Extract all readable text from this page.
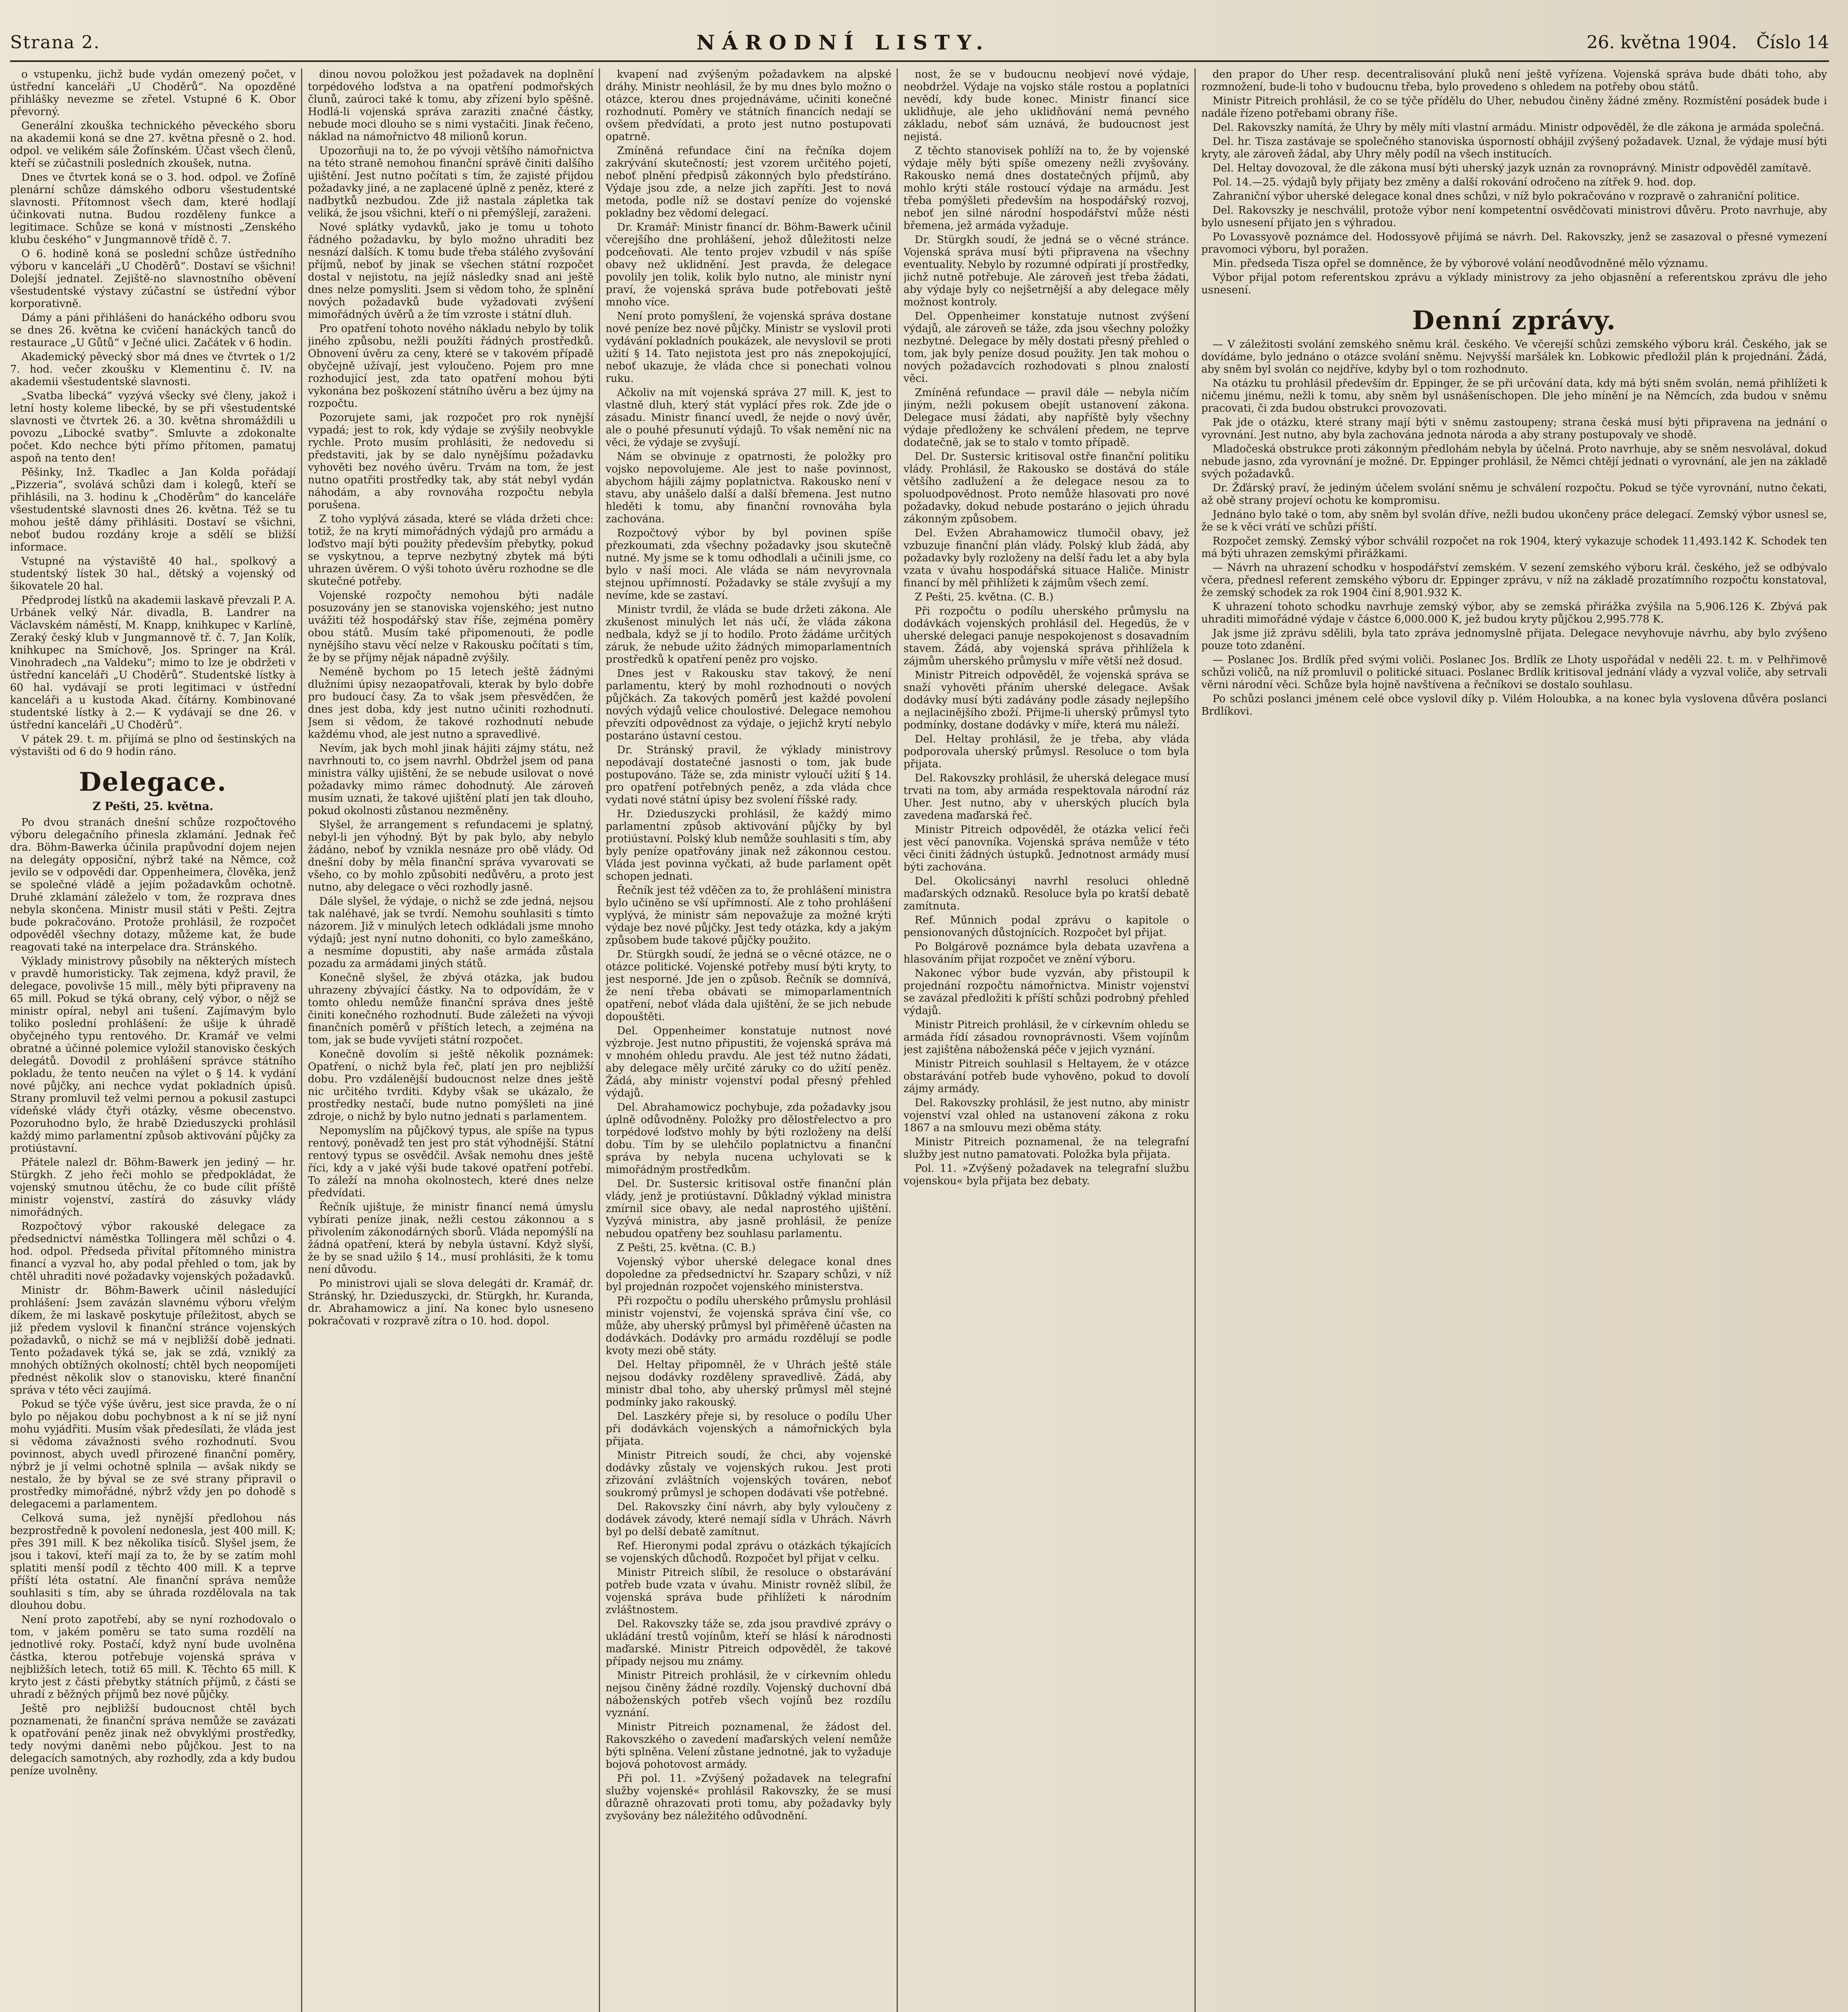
Strana 2.	NÁRODNÍ LISTY.	26. května 1904. Číslo 14

o vstupenku, jichž bude vydán omezený počet, v ústřední kanceláři „U Choděrů“. Na opozděné přihlášky nevezme se zřetel. Vstupné 6 K. Obor převorný.

Generální zkouška technického pěveckého sboru na akademii koná se dne 27. května přesně o 2. hod. odpol. ve velikém sále Žofínském. Účast všech členů, kteří se zúčastnili posledních zkoušek, nutna.

Dnes ve čtvrtek koná se o 3. hod. odpol. ve Žofíně plenární schůze dámského odboru všestudentské slavnosti. Přítomnost všech dam, které hodlají účinkovati nutna. Budou rozděleny funkce a legitimace. Schůze se koná v místnosti „Zenského klubu českého“ v Jungmannově třídě č. 7.

O 6. hodině koná se poslední schůze ústředního výboru v kanceláři „U Choděrů“. Dostaví se všichni! Dolejší jednatel. Zejiště-no slavnostního oběvení všestudentské výstavy zúčastní se ústřední výbor korporativně.

Dámy a páni přihlášeni do hanáckého odboru svou se dnes 26. května ke cvičení hanáckých tanců do restaurace „U Gůtů“ v Ječné ulici. Začátek v 6 hodin.

Akademický pěvecký sbor má dnes ve čtvrtek o 1/2 7. hod. večer zkoušku v Klementinu č. IV. na akademii všestudentské slavnosti.

„Svatba libecká“ vyzývá všecky své členy, jakož i letní hosty koleme libecké, by se při všestudentské slavnosti ve čtvrtek 26. a 30. května shromáždili u povozu „Libocké svatby“. Smluvte a zdokonalte počet. Kdo nechce býti přímo přítomen, pamatuj aspoň na tento den!

Pěšinky, Inž. Tkadlec a Jan Kolda pořádají „Pizzeria“, svolává schůzi dam i kolegů, kteří se přihlásili, na 3. hodinu k „Choděrům“ do kanceláře všestudentské slavnosti dnes 26. května. Též se tu mohou ještě dámy přihlásiti. Dostaví se všichni, neboť budou rozdány kroje a sdělí se bližší informace.

Vstupné na výstaviště 40 hal., spolkový a studentský lístek 30 hal., dětský a vojenský od šikovatele 20 hal.

Předprodej lístků na akademii laskavě převzali P. A. Urbánek velký Nár. divadla, B. Landrer na Václavském náměstí, M. Knapp, knihkupec v Karlíně, Zeraký český klub v Jungmannově tř. č. 7, Jan Kolík, knihkupec na Smíchově, Jos. Springer na Král. Vinohradech „na Valdeku“; mimo to lze je obdržeti v ústřední kanceláři „U Choděrů“. Studentské lístky à 60 hal. vydávají se proti legitimaci v ústřední kanceláři a u kustoda Akad. čítárny. Kombinované studentské lístky à 2.— K vydávají se dne 26. v ústřední kanceláři „U Choděrů“.

V pátek 29. t. m. přijímá se plno od šestinských na výstavišti od 6 do 9 hodin ráno.

Delegace.
Z Pešti, 25. května.

Po dvou stranách dnešní schůze rozpočtového výboru delegačního přinesla zklamání. Jednak řeč dra. Böhm-Bawerka účinila prapůvodní dojem nejen na delegáty opposiční, nýbrž také na Němce, což jevilo se v odpovědi dar. Oppenheimera, člověka, jenž se společné vládě a jejím požadavkům ochotně. Druhé zklamání záleželo v tom, že rozprava dnes nebyla skončena. Ministr musil státi v Pešti. Zejtra bude pokračováno. Protože prohlásil, že rozpočet odpověděl všechny dotazy, můžeme kat, že bude reagovati také na interpelace dra. Stránského.

Výklady ministrovy působily na některých místech v pravdě humoristicky. Tak zejmena, když pravil, že delegace, povolivše 15 mill., měly býti připraveny na 65 mill. Pokud se týká obrany, celý výbor, o nějž se ministr opíral, nebyl ani tušení. Zajímavým bylo toliko poslední prohlášení: že ušije k úhradě obyčejného typu rentového. Dr. Kramář ve velmi obratné a účinné polemice vyložil stanovisko českých delegátů. Dovodil z prohlášení správce státního pokladu, že tento neučen na výlet o § 14. k vydání nové půjčky, ani nechce vydat pokladních úpisů. Strany promluvil tež velmi pernou a pokusil zastupci vídeňské vlády čtyři otázky, věsme obecenstvo. Pozoruhodno bylo, že hrabě Dzieduszycki prohlásil každý mimo parlamentní způsob aktivování půjčky za protiústavní.

Přátele nalezl dr. Böhm-Bawerk jen jediný — hr. Stürgkh. Z jeho řeči mohlo se předpokládat, že vojenský smutnou útěchu, že co bude cílit příště ministr vojenství, zastírá do zásuvky vlády nimořádných.

Rozpočtový výbor rakouské delegace za předsednictví náměstka Tollingera měl schůzi o 4. hod. odpol. Předseda přivítal přítomného ministra financí a vyzval ho, aby podal přehled o tom, jak by chtěl uhraditi nové požadavky vojenských požadavků.

Ministr dr. Böhm-Bawerk učinil následující prohlášení: Jsem zavázán slavnému výboru vřelým díkem, že mi laskavě poskytuje příležitost, abych se již předem vyslovil k finanční stránce vojenských požadavků, o nichž se má v nejbližší době jednati. Tento požadavek týká se, jak se zdá, vzniklý za mnohých obtížných okolností; chtěl bych neopomíjeti přednést několik slov o stanovisku, které finanční správa v této věci zaujímá.

Pokud se týče výše úvěru, jest sice pravda, že o ní bylo po nějakou dobu pochybnost a k ní se již nyní mohu vyjádřiti. Musím však předesílati, že vláda jest si vědoma závažnosti svého rozhodnutí. Svou povinnost, abych uvedl přirozené finanční poměry, nýbrž je jí velmi ochotně splnila — avšak nikdy se nestalo, že by býval se ze své strany připravil o prostředky mimořádné, nýbrž vždy jen po dohodě s delegacemi a parlamentem.

Celková suma, jež nynější předlohou nás bezprostředně k povolení nedonesla, jest 400 mill. K; přes 391 mill. K bez několika tisíců. Slyšel jsem, že jsou i takoví, kteří mají za to, že by se zatím mohl splatiti menší podíl z těchto 400 mill. K a teprve příští léta ostatní. Ale finanční správa nemůže souhlasiti s tím, aby se úhrada rozdělovala na tak dlouhou dobu.

Není proto zapotřebí, aby se nyní rozhodovalo o tom, v jakém poměru se tato suma rozdělí na jednotlivé roky. Postačí, když nyní bude uvolněna částka, kterou potřebuje vojenská správa v nejbližších letech, totiž 65 mill. K. Těchto 65 mill. K kryto jest z části přebytky státních příjmů, z části se uhradí z běžných příjmů bez nové půjčky.

Ještě pro nejbližší budoucnost chtěl bych poznamenati, že finanční správa nemůže se zavázati k opatřování peněz jinak než obvyklými prostředky, tedy novými daněmi nebo půjčkou. Jest to na delegacích samotných, aby rozhodly, zda a kdy budou peníze uvolněny.

dinou novou položkou jest požadavek na doplnění torpédového loďstva a na opatření podmořských člunů, zaúroci také k tomu, aby zřízení bylo spěšně. Hodlá-li vojenská správa zaraziti značné částky, nebude moci dlouho se s nimi vystačiti. Jinak řečeno, náklad na námořnictvo 48 milionů korun.

Upozorňuji na to, že po vývoji většího námořnictva na této straně nemohou finanční správě činiti dalšího ujištění. Jest nutno počítati s tím, že zajisté přijdou požadavky jiné, a ne zaplacené úplně z peněz, které z nadbytků nezbudou. Zde již nastala zápletka tak veliká, že jsou všichni, kteří o ni přemýšlejí, zaraženi.

Nové splátky vydavků, jako je tomu u tohoto řádného požadavku, by bylo možno uhraditi bez nesnází dalších. K tomu bude třeba stálého zvyšování příjmů, neboť by jinak se všechen státní rozpočet dostal v nejistotu, na jejíž následky snad ani ještě dnes nelze pomysliti. Jsem si vědom toho, že splnění nových požadavků bude vyžadovati zvýšení mimořádných úvěrů a že tím vzroste i státní dluh.

Pro opatření tohoto nového nákladu nebylo by tolik jiného způsobu, nežli použíti řádných prostředků. Obnovení úvěru za ceny, které se v takovém případě obyčejně užívají, jest vyloučeno. Pojem pro mne rozhodující jest, zda tato opatření mohou býti vykonána bez poškození státního úvěru a bez újmy na rozpočtu.

Pozorujete sami, jak rozpočet pro rok nynější vypadá; jest to rok, kdy výdaje se zvýšily neobvykle rychle. Proto musím prohlásiti, že nedovedu si představiti, jak by se dalo nynějšímu požadavku vyhověti bez nového úvěru. Trvám na tom, že jest nutno opatřiti prostředky tak, aby stát nebyl vydán náhodám, a aby rovnováha rozpočtu nebyla porušena.

Z toho vyplývá zásada, které se vláda držeti chce: totiž, že na krytí mimořádných výdajů pro armádu a loďstvo mají býti použity především přebytky, pokud se vyskytnou, a teprve nezbytný zbytek má býti uhrazen úvěrem. O výši tohoto úvěru rozhodne se dle skutečné potřeby.

Vojenské rozpočty nemohou býti nadále posuzovány jen se stanoviska vojenského; jest nutno uvážiti též hospodářský stav říše, zejména poměry obou států. Musím také připomenouti, že podle nynějšího stavu věcí nelze v Rakousku počítati s tím, že by se příjmy nějak nápadně zvýšily.

Neméně bychom po 15 letech ještě žádnými dlužními úpisy nezaopatřovali, kterak by bylo dobře pro budoucí časy. Za to však jsem přesvědčen, že dnes jest doba, kdy jest nutno učiniti rozhodnutí. Jsem si vědom, že takové rozhodnutí nebude každému vhod, ale jest nutno a spravedlivé.

Nevím, jak bych mohl jinak hájiti zájmy státu, než navrhnouti to, co jsem navrhl. Obdržel jsem od pana ministra války ujištění, že se nebude usilovat o nové požadavky mimo rámec dohodnutý. Ale zároveň musím uznati, že takové ujištění platí jen tak dlouho, pokud okolnosti zůstanou nezměněny.

Slyšel, že arrangement s refundacemi je splatný, nebyl-li jen výhodný. Být by pak bylo, aby nebylo žádáno, neboť by vznikla nesnáze pro obě vlády. Od dnešní doby by měla finanční správa vyvarovati se všeho, co by mohlo způsobiti nedůvěru, a proto jest nutno, aby delegace o věci rozhodly jasně.

Dále slyšel, že výdaje, o nichž se zde jedná, nejsou tak naléhavé, jak se tvrdí. Nemohu souhlasiti s tímto názorem. Již v minulých letech odkládali jsme mnoho výdajů; jest nyní nutno dohoniti, co bylo zameškáno, a nesmíme dopustiti, aby naše armáda zůstala pozadu za armádami jiných států.

Konečně slyšel, že zbývá otázka, jak budou uhrazeny zbývající částky. Na to odpovídám, že v tomto ohledu nemůže finanční správa dnes ještě činiti konečného rozhodnutí. Bude záležeti na vývoji finančních poměrů v příštích letech, a zejména na tom, jak se bude vyvíjeti státní rozpočet.

Konečně dovolím si ještě několik poznámek: Opatření, o nichž byla řeč, platí jen pro nejbližší dobu. Pro vzdálenější budoucnost nelze dnes ještě nic určitého tvrditi. Kdyby však se ukázalo, že prostředky nestačí, bude nutno pomýšleti na jiné zdroje, o nichž by bylo nutno jednati s parlamentem.

Nepomyslím na půjčkový typus, ale spíše na typus rentový, poněvadž ten jest pro stát výhodnější. Státní rentový typus se osvědčil. Avšak nemohu dnes ještě říci, kdy a v jaké výši bude takové opatření potřebí. To záleží na mnoha okolnostech, které dnes nelze předvídati.

Řečník ujištuje, že ministr financí nemá úmyslu vybírati peníze jinak, nežli cestou zákonnou a s přivolením zákonodárných sborů. Vláda nepomýšlí na žádná opatření, která by nebyla ústavní. Když slyší, že by se snad užilo § 14., musí prohlásiti, že k tomu není důvodu.

Po ministrovi ujali se slova delegáti dr. Kramář, dr. Stránský, hr. Dzieduszycki, dr. Stürgkh, hr. Kuranda, dr. Abrahamowicz a jiní. Na konec bylo usneseno pokračovati v rozpravě zítra o 10. hod. dopol.

kvapení nad zvýšeným požadavkem na alpské dráhy. Ministr neohlásil, že by mu dnes bylo možno o otázce, kterou dnes projednáváme, učiniti konečné rozhodnutí. Poměry ve státních financích nedají se ovšem předvídati, a proto jest nutno postupovati opatrně.

Zmíněná refundace činí na řečníka dojem zakrývání skutečností; jest vzorem určitého pojetí, neboť plnění předpisů zákonných bylo předstíráno. Výdaje jsou zde, a nelze jich zapříti. Jest to nová metoda, podle níž se dostaví peníze do vojenské pokladny bez vědomí delegací.

Dr. Kramář: Ministr financí dr. Böhm-Bawerk učinil včerejšího dne prohlášení, jehož důležitosti nelze podceňovati. Ale tento projev vzbudil v nás spíše obavy než uklidnění. Jest pravda, že delegace povolily jen tolik, kolik bylo nutno, ale ministr nyní praví, že vojenská správa bude potřebovati ještě mnoho více.

Není proto pomyšlení, že vojenská správa dostane nové peníze bez nové půjčky. Ministr se vyslovil proti vydávání pokladních poukázek, ale nevyslovil se proti užití § 14. Tato nejistota jest pro nás znepokojující, neboť ukazuje, že vláda chce si ponechati volnou ruku.

Ačkoliv na mít vojenská správa 27 mill. K, jest to vlastně dluh, který stát vyplácí přes rok. Zde jde o zásadu. Ministr financí uvedl, že nejde o nový úvěr, ale o pouhé přesunutí výdajů. To však nemění nic na věci, že výdaje se zvyšují.

Nám se obvinuje z opatrnosti, že položky pro vojsko nepovolujeme. Ale jest to naše povinnost, abychom hájili zájmy poplatnictva. Rakousko není v stavu, aby unášelo další a další břemena. Jest nutno hleděti k tomu, aby finanční rovnováha byla zachována.

Rozpočtový výbor by byl povinen spíše přezkoumati, zda všechny požadavky jsou skutečně nutné. My jsme se k tomu odhodlali a učinili jsme, co bylo v naší moci. Ale vláda se nám nevyrovnala stejnou upřímností. Požadavky se stále zvyšují a my nevíme, kde se zastaví.

Ministr tvrdil, že vláda se bude držeti zákona. Ale zkušenost minulých let nás učí, že vláda zákona nedbala, když se jí to hodilo. Proto žádáme určitých záruk, že nebude užito žádných mimoparlamentních prostředků k opatření peněz pro vojsko.

Dnes jest v Rakousku stav takový, že není parlamentu, který by mohl rozhodnouti o nových půjčkách. Za takových poměrů jest každé povolení nových výdajů velice choulostivé. Delegace nemohou převzíti odpovědnost za výdaje, o jejichž krytí nebylo postaráno ústavní cestou.

Dr. Stránský pravil, že výklady ministrovy nepodávají dostatečné jasnosti o tom, jak bude postupováno. Táže se, zda ministr vyloučí užití § 14. pro opatření potřebných peněz, a zda vláda chce vydati nové státní úpisy bez svolení říšské rady.

Hr. Dzieduszycki prohlásil, že každý mimo parlamentní způsob aktivování půjčky by byl protiústavní. Polský klub nemůže souhlasiti s tím, aby byly peníze opatřovány jinak než zákonnou cestou. Vláda jest povinna vyčkati, až bude parlament opět schopen jednati.

Řečník jest též vděčen za to, že prohlášení ministra bylo učiněno se vší upřímností. Ale z toho prohlášení vyplývá, že ministr sám nepovažuje za možné krýti výdaje bez nové půjčky. Jest tedy otázka, kdy a jakým způsobem bude takové půjčky použito.

Dr. Stürgkh soudí, že jedná se o věcné otázce, ne o otázce politické. Vojenské potřeby musí býti kryty, to jest nesporné. Jde jen o způsob. Řečník se domnívá, že není třeba obávati se mimoparlamentních opatření, neboť vláda dala ujištění, že se jich nebude dopouštěti.

Del. Oppenheimer konstatuje nutnost nové výzbroje. Jest nutno připustiti, že vojenská správa má v mnohém ohledu pravdu. Ale jest též nutno žádati, aby delegace měly určité záruky co do užití peněz. Žádá, aby ministr vojenství podal přesný přehled výdajů.

Del. Abrahamowicz pochybuje, zda požadavky jsou úplně odůvodněny. Položky pro dělostřelectvo a pro torpédové loďstvo mohly by býti rozloženy na delší dobu. Tím by se ulehčilo poplatnictvu a finanční správa by nebyla nucena uchylovati se k mimořádným prostředkům.

Del. Dr. Sustersic kritisoval ostře finanční plán vlády, jenž je protiústavní. Důkladný výklad ministra zmírnil sice obavy, ale nedal naprostého ujištění. Vyzývá ministra, aby jasně prohlásil, že peníze nebudou opatřeny bez souhlasu parlamentu.

Z Pešti, 25. května. (C. B.)

Vojenský výbor uherské delegace konal dnes dopoledne za předsednictví hr. Szapary schůzi, v níž byl projednán rozpočet vojenského ministerstva.

Při rozpočtu o podílu uherského průmyslu prohlásil ministr vojenství, že vojenská správa činí vše, co může, aby uherský průmysl byl přiměřeně účasten na dodávkách. Dodávky pro armádu rozdělují se podle kvoty mezi obě státy.

Del. Heltay připomněl, že v Uhrách ještě stále nejsou dodávky rozděleny spravedlivě. Žádá, aby ministr dbal toho, aby uherský průmysl měl stejné podmínky jako rakouský.

Del. Laszkéry přeje si, by resoluce o podílu Uher při dodávkách vojenských a námořnických byla přijata.

Ministr Pitreich soudí, že chci, aby vojenské dodávky zůstaly ve vojenských rukou. Jest proti zřizování zvláštních vojenských továren, neboť soukromý průmysl je schopen dodávati vše potřebné.

Del. Rakovszky činí návrh, aby byly vyloučeny z dodávek závody, které nemají sídla v Uhrách. Návrh byl po delší debatě zamítnut.

Ref. Hieronymi podal zprávu o otázkách týkajících se vojenských důchodů. Rozpočet byl přijat v celku.

Ministr Pitreich slíbil, že resoluce o obstarávání potřeb bude vzata v úvahu. Ministr rovněž slíbil, že vojenská správa bude přihlížeti k národním zvláštnostem.

Del. Rakovszky táže se, zda jsou pravdivé zprávy o ukládání trestů vojínům, kteří se hlásí k národnosti maďarské. Ministr Pitreich odpověděl, že takové případy nejsou mu známy.

Ministr Pitreich prohlásil, že v církevním ohledu nejsou činěny žádné rozdíly. Vojenský duchovní dbá náboženských potřeb všech vojínů bez rozdílu vyznání.

Ministr Pitreich poznamenal, že žádost del. Rakovszkého o zavedení maďarských velení nemůže býti splněna. Velení zůstane jednotné, jak to vyžaduje bojová pohotovost armády.

Při pol. 11. »Zvýšený požadavek na telegrafní služby vojenské« prohlásil Rakovszky, že se musí důrazně ohrazovati proti tomu, aby požadavky byly zvyšovány bez náležitého odůvodnění.

nost, že se v budoucnu neobjeví nové výdaje, neobdržel. Výdaje na vojsko stále rostou a poplatníci nevědí, kdy bude konec. Ministr financí sice uklidňuje, ale jeho uklidňování nemá pevného základu, neboť sám uznává, že budoucnost jest nejistá.

Z těchto stanovisek pohlíží na to, že by vojenské výdaje měly býti spíše omezeny nežli zvyšovány. Rakousko nemá dnes dostatečných příjmů, aby mohlo krýti stále rostoucí výdaje na armádu. Jest třeba pomýšleti především na hospodářský rozvoj, neboť jen silné národní hospodářství může nésti břemena, jež armáda vyžaduje.

Dr. Stürgkh soudí, že jedná se o věcné stránce. Vojenská správa musí býti připravena na všechny eventuality. Nebylo by rozumné odpírati jí prostředky, jichž nutně potřebuje. Ale zároveň jest třeba žádati, aby výdaje byly co nejšetrnější a aby delegace měly možnost kontroly.

Del. Oppenheimer konstatuje nutnost zvýšení výdajů, ale zároveň se táže, zda jsou všechny položky nezbytné. Delegace by měly dostati přesný přehled o tom, jak byly peníze dosud použity. Jen tak mohou o nových požadavcích rozhodovati s plnou znalostí věci.

Zmíněná refundace — pravil dále — nebyla ničím jiným, nežli pokusem obejít ustanovení zákona. Delegace musí žádati, aby napříště byly všechny výdaje předloženy ke schválení předem, ne teprve dodatečně, jak se to stalo v tomto případě.

Del. Dr. Sustersic kritisoval ostře finanční politiku vlády. Prohlásil, že Rakousko se dostává do stále většího zadlužení a že delegace nesou za to spoluodpovědnost. Proto nemůže hlasovati pro nové požadavky, dokud nebude postaráno o jejich úhradu zákonným způsobem.

Del. Evžen Abrahamowicz tlumočil obavy, jež vzbuzuje finanční plán vlády. Polský klub žádá, aby požadavky byly rozloženy na delší řadu let a aby byla vzata v úvahu hospodářská situace Haliče. Ministr financí by měl přihlížeti k zájmům všech zemí.

Z Pešti, 25. května. (C. B.)

Při rozpočtu o podílu uherského průmyslu na dodávkách vojenských prohlásil del. Hegedüs, že v uherské delegaci panuje nespokojenost s dosavadním stavem. Žádá, aby vojenská správa přihlížela k zájmům uherského průmyslu v míře větší než dosud.

Ministr Pitreich odpověděl, že vojenská správa se snaží vyhověti přáním uherské delegace. Avšak dodávky musí býti zadávány podle zásady nejlepšího a nejlacinějšího zboží. Přijme-li uherský průmysl tyto podmínky, dostane dodávky v míře, která mu náleží.

Del. Heltay prohlásil, že je třeba, aby vláda podporovala uherský průmysl. Resoluce o tom byla přijata.

Del. Rakovszky prohlásil, že uherská delegace musí trvati na tom, aby armáda respektovala národní ráz Uher. Jest nutno, aby v uherských plucích byla zavedena maďarská řeč.

Ministr Pitreich odpověděl, že otázka velicí řeči jest věcí panovníka. Vojenská správa nemůže v této věci činiti žádných ústupků. Jednotnost armády musí býti zachována.

Del. Okolicsányi navrhl resoluci ohledně maďarských odznaků. Resoluce byla po kratší debatě zamítnuta.

Ref. Műnnich podal zprávu o kapitole o pensionovaných důstojnících. Rozpočet byl přijat.

Po Bolgárově poznámce byla debata uzavřena a hlasováním přijat rozpočet ve znění výboru.

Nakonec výbor bude vyzván, aby přistoupil k projednání rozpočtu námořnictva. Ministr vojenství se zavázal předložiti k příští schůzi podrobný přehled výdajů.

Ministr Pitreich prohlásil, že v církevním ohledu se armáda řídí zásadou rovnoprávnosti. Všem vojínům jest zajištěna náboženská péče v jejich vyznání.

Ministr Pitreich souhlasil s Heltayem, že v otázce obstarávání potřeb bude vyhověno, pokud to dovolí zájmy armády.

Del. Rakovszky prohlásil, že jest nutno, aby ministr vojenství vzal ohled na ustanovení zákona z roku 1867 a na smlouvu mezi oběma státy.

Ministr Pitreich poznamenal, že na telegrafní služby jest nutno pamatovati. Položka byla přijata.

Pol. 11. »Zvýšený požadavek na telegrafní službu vojenskou« byla přijata bez debaty.

den prapor do Uher resp. decentralisování pluků není ještě vyřízena. Vojenská správa bude dbáti toho, aby rozmnožení, bude-li toho v budoucnu třeba, bylo provedeno s ohledem na potřeby obou států.

Ministr Pitreich prohlásil, že co se týče přídělu do Uher, nebudou činěny žádné změny. Rozmístění posádek bude i nadále řízeno potřebami obrany říše.

Del. Rakovszky namítá, že Uhry by měly míti vlastní armádu. Ministr odpověděl, že dle zákona je armáda společná.

Del. hr. Tisza zastávaje se společného stanoviska úsporností obhájil zvýšený požadavek. Uznal, že výdaje musí býti kryty, ale zároveň žádal, aby Uhry měly podíl na všech institucích.

Del. Heltay dovozoval, že dle zákona musí býti uherský jazyk uznán za rovnoprávný. Ministr odpověděl zamítavě.

Pol. 14.—25. výdajů byly přijaty bez změny a další rokování odročeno na zítřek 9. hod. dop.

Zahraniční výbor uherské delegace konal dnes schůzi, v níž bylo pokračováno v rozpravě o zahraniční politice.

Del. Rakovszky je neschválil, protože výbor není kompetentní osvědčovati ministrovi důvěru. Proto navrhuje, aby bylo usnesení přijato jen s výhradou.

Po Lovassyově poznámce del. Hodossyově přijímá se návrh. Del. Rakovszky, jenž se zasazoval o přesné vymezení pravomoci výboru, byl poražen.

Min. předseda Tisza opřel se domněnce, že by výborové volání neodůvodněné mělo významu.

Výbor přijal potom referentskou zprávu a výklady ministrovy za jeho objasnění a referentskou zprávu dle jeho usnesení.

Denní zprávy.

— V záležitosti svolání zemského sněmu král. českého. Ve včerejší schůzi zemského výboru král. Českého, jak se dovídáme, bylo jednáno o otázce svolání sněmu. Nejvyšší maršálek kn. Lobkowic předložil plán k projednání. Žádá, aby sněm byl svolán co nejdříve, kdyby byl o tom rozhodnuto.

Na otázku tu prohlásil především dr. Eppinger, že se při určování data, kdy má býti sněm svolán, nemá přihlížeti k ničemu jinému, nežli k tomu, aby sněm byl usnášeníschopen. Dle jeho mínění je na Němcích, zda budou v sněmu pracovati, či zda budou obstrukci provozovati.

Pak jde o otázku, které strany mají býti v sněmu zastoupeny; strana česká musí býti připravena na jednání o vyrovnání. Jest nutno, aby byla zachována jednota národa a aby strany postupovaly ve shodě.

Mladočeská obstrukce proti zákonným předlohám nebyla by účelná. Proto navrhuje, aby se sněm nesvolával, dokud nebude jasno, zda vyrovnání je možné. Dr. Eppinger prohlásil, že Němci chtějí jednati o vyrovnání, ale jen na základě svých požadavků.

Dr. Žďárský praví, že jediným účelem svolání sněmu je schválení rozpočtu. Pokud se týče vyrovnání, nutno čekati, až obě strany projeví ochotu ke kompromisu.

Jednáno bylo také o tom, aby sněm byl svolán dříve, nežli budou ukončeny práce delegací. Zemský výbor usnesl se, že se k věci vrátí ve schůzi příští.

Rozpočet zemský. Zemský výbor schválil rozpočet na rok 1904, který vykazuje schodek 11,493.142 K. Schodek ten má býti uhrazen zemskými přirážkami.

— Návrh na uhrazení schodku v hospodářství zemském. V sezení zemského výboru král. českého, jež se odbývalo včera, přednesl referent zemského výboru dr. Eppinger zprávu, v níž na základě prozatímního rozpočtu konstatoval, že zemský schodek za rok 1904 činí 8,901.932 K.

K uhrazení tohoto schodku navrhuje zemský výbor, aby se zemská přirážka zvýšila na 5,906.126 K. Zbývá pak uhraditi mimořádné výdaje v částce 6,000.000 K, jež budou kryty půjčkou 2,995.778 K.

Jak jsme již zprávu sdělili, byla tato zpráva jednomyslně přijata. Delegace nevyhovuje návrhu, aby bylo zvýšeno pouze toto zdanění.

— Poslanec Jos. Brdlík před svými voliči. Poslanec Jos. Brdlík ze Lhoty uspořádal v neděli 22. t. m. v Pelhřimově schůzi voličů, na níž promluvil o politické situaci. Poslanec Brdlík kritisoval jednání vlády a vyzval voliče, aby setrvali věrni národní věci. Schůze byla hojně navštívena a řečníkovi se dostalo souhlasu.

Po schůzi poslanci jménem celé obce vyslovil díky p. Vilém Holoubka, a na konec byla vyslovena důvěra poslanci Brdlíkovi.
